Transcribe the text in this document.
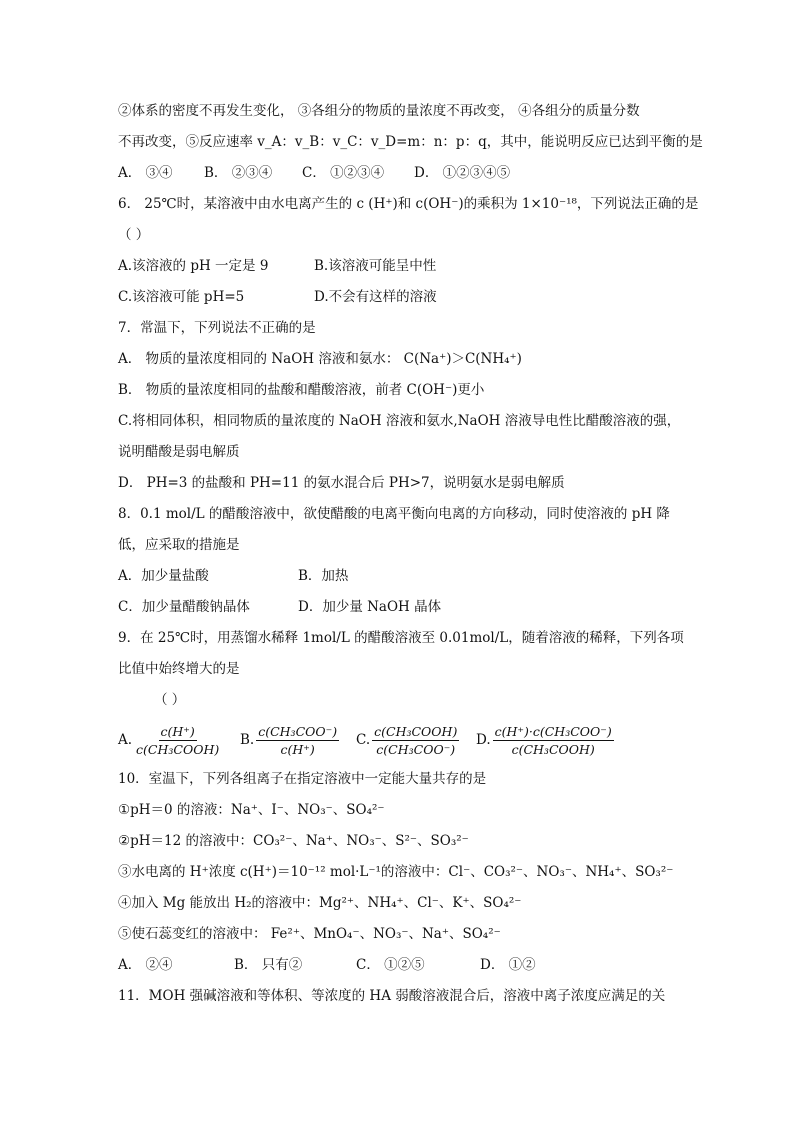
②体系的密度不再发生变化， ③各组分的物质的量浓度不再改变， ④各组分的质量分数
不再改变，⑤反应速率 v_A：v_B：v_C：v_D=m：n：p：q，其中，能说明反应已达到平衡的是
A． ③④ B． ②③④ C． ①②③④ D． ①②③④⑤
6． 25℃时，某溶液中由水电离产生的 c (H⁺)和 c(OH⁻)的乘积为 1×10⁻¹⁸，下列说法正确的是
（ ）
A.该溶液的 pH 一定是 9	B.该溶液可能呈中性
C.该溶液可能 pH=5	D.不会有这样的溶液
7．常温下，下列说法不正确的是
A． 物质的量浓度相同的 NaOH 溶液和氨水： C(Na⁺)＞C(NH₄⁺)
B． 物质的量浓度相同的盐酸和醋酸溶液，前者 C(OH⁻)更小
C.将相同体积，相同物质的量浓度的 NaOH 溶液和氨水,NaOH 溶液导电性比醋酸溶液的强，
说明醋酸是弱电解质
D． PH=3 的盐酸和 PH=11 的氨水混合后 PH>7，说明氨水是弱电解质
8．0.1 mol/L 的醋酸溶液中，欲使醋酸的电离平衡向电离的方向移动，同时使溶液的 pH 降
低，应采取的措施是
A．加少量盐酸	B．加热
C．加少量醋酸钠晶体	D．加少量 NaOH 晶体
9．在 25℃时，用蒸馏水稀释 1mol/L 的醋酸溶液至 0.01mol/L，随着溶液的稀释，下列各项
比值中始终增大的是
（ ）
A. $\frac{c(H^+)}{\text{c(CH₃COOH)}} B$. $\frac{\text{c(CH₃COO⁻)}}{c(H^+)} C$. $\frac{\text{c(CH₃COOH)}}{\text{c(CH₃COO⁻)}} D$. $\frac{\text{c(H⁺)·c(CH₃COO⁻)}}{\text{c(CH₃COOH)}}$
10．室温下，下列各组离子在指定溶液中一定能大量共存的是
①pH＝0 的溶液：Na⁺、I⁻、NO₃⁻、SO₄²⁻
②pH＝12 的溶液中：CO₃²⁻、Na⁺、NO₃⁻、S²⁻、SO₃²⁻
③水电离的 H⁺浓度 c(H⁺)＝10⁻¹² mol·L⁻¹的溶液中：Cl⁻、CO₃²⁻、NO₃⁻、NH₄⁺、SO₃²⁻
④加入 Mg 能放出 H₂的溶液中：Mg²⁺、NH₄⁺、Cl⁻、K⁺、SO₄²⁻
⑤使石蕊变红的溶液中： Fe²⁺、MnO₄⁻、NO₃⁻、Na⁺、SO₄²⁻
A． ②④	B． 只有②	C． ①②⑤	D． ①②
11．MOH 强碱溶液和等体积、等浓度的 HA 弱酸溶液混合后，溶液中离子浓度应满足的关
